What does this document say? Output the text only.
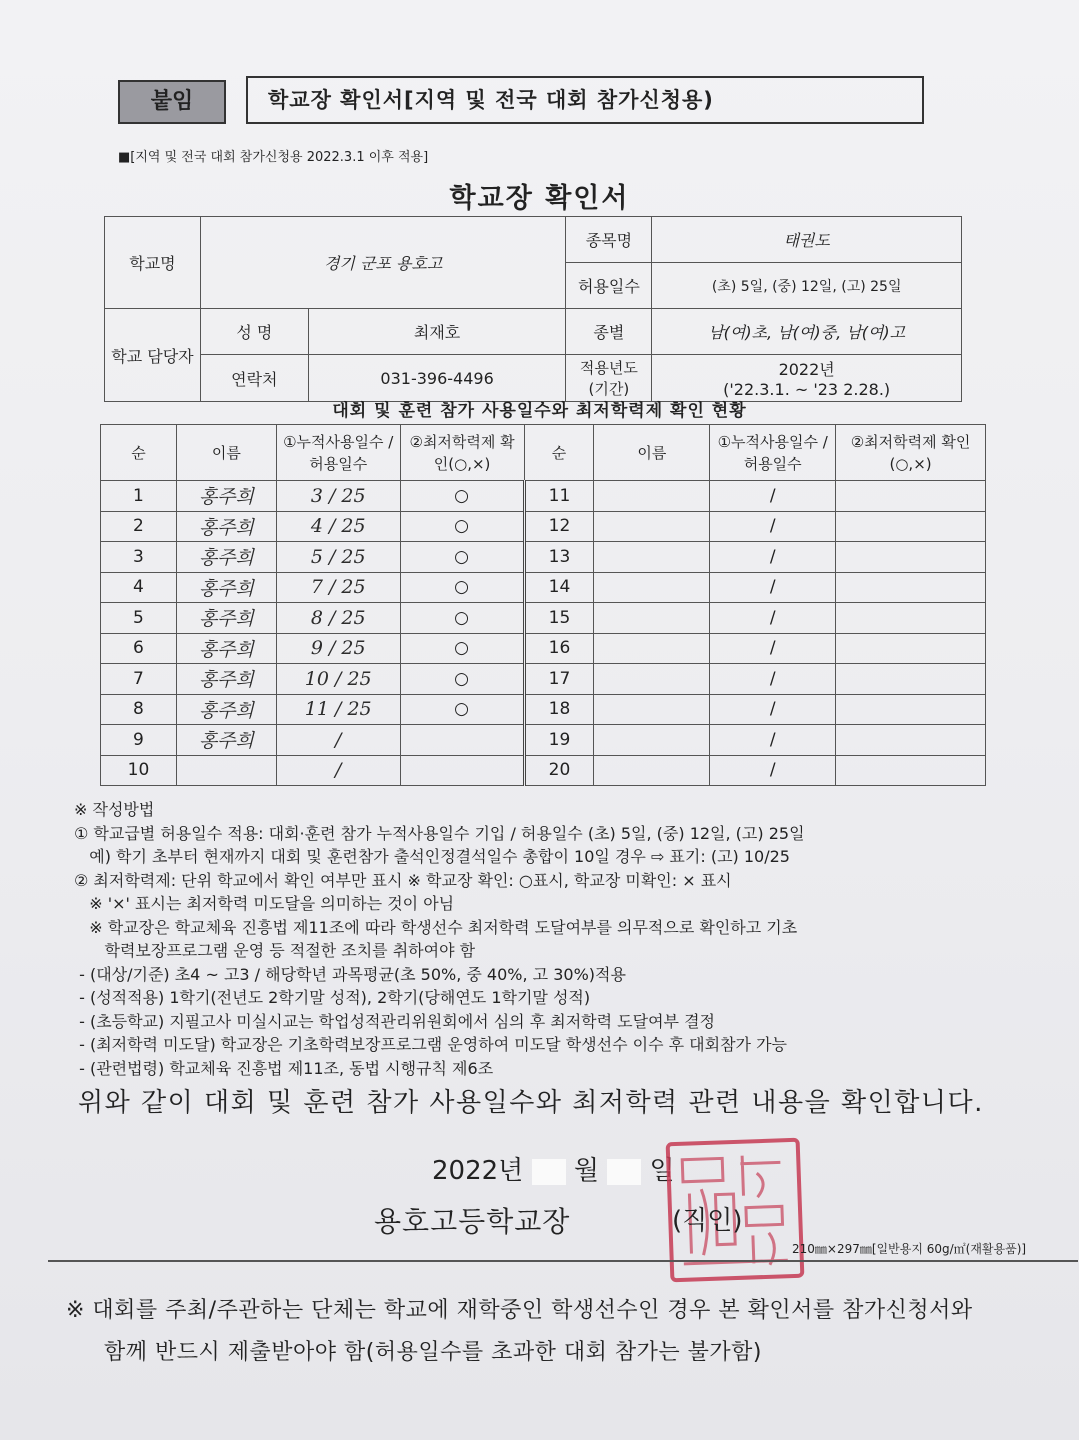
붙임	학교장 확인서[지역 및 전국 대회 참가신청용)
■[지역 및 전국 대회 참가신청용 2022.3.1 이후 적용]
학교장 확인서
학교명	경기 군포 용호고		종목명	태권도
			허용일수	(초) 5일, (중) 12일, (고) 25일
학교 담당자	성 명	최재호	종별	남(여)초, 남(여)중, 남(여)고
	연락처	031-396-4496	적용년도 (기간)	2022년
('22.3.1. ~ '23 2.28.)
대회 및 훈련 참가 사용일수와 최저학력제 확인 현황
순	이름	①누적사용일수 /허용일수	②최저학력제 확인(○,×)	순	이름	①누적사용일수 /허용일수	②최저학력제 확인(○,×)
1	홍주희	3 / 25	○	11		/	
2	홍주희	4 / 25	○	12		/	
3	홍주희	5 / 25	○	13		/	
4	홍주희	7 / 25	○	14		/	
5	홍주희	8 / 25	○	15		/	
6	홍주희	9 / 25	○	16		/	
7	홍주희	10 / 25	○	17		/	
8	홍주희	11 / 25	○	18		/	
9	홍주희	/		19		/	
10		/		20		/	
※ 작성방법
① 학교급별 허용일수 적용: 대회·훈련 참가 누적사용일수 기입 / 허용일수 (초) 5일, (중) 12일, (고) 25일
예) 학기 초부터 현재까지 대회 및 훈련참가 출석인정결석일수 총합이 10일 경우 ⇨ 표기: (고) 10/25
② 최저학력제: 단위 학교에서 확인 여부만 표시 ※ 학교장 확인: ○표시, 학교장 미확인: × 표시
※ '×' 표시는 최저학력 미도달을 의미하는 것이 아님
※ 학교장은 학교체육 진흥법 제11조에 따라 학생선수 최저학력 도달여부를 의무적으로 확인하고 기초
학력보장프로그램 운영 등 적절한 조치를 취하여야 함
- (대상/기준) 초4 ~ 고3 / 해당학년 과목평균(초 50%, 중 40%, 고 30%)적용
- (성적적용) 1학기(전년도 2학기말 성적), 2학기(당해연도 1학기말 성적)
- (초등학교) 지필고사 미실시교는 학업성적관리위원회에서 심의 후 최저학력 도달여부 결정
- (최저학력 미도달) 학교장은 기초학력보장프로그램 운영하여 미도달 학생선수 이수 후 대회참가 가능
- (관련법령) 학교체육 진흥법 제11조, 동법 시행규칙 제6조
위와 같이 대회 및 훈련 참가 사용일수와 최저학력 관련 내용을 확인합니다.
2022년 월 일
용호고등학교장	(직인)
210㎜×297㎜[일반용지 60g/㎡(재활용품)]
※ 대회를 주최/주관하는 단체는 학교에 재학중인 학생선수인 경우 본 확인서를 참가신청서와
함께 반드시 제출받아야 함(허용일수를 초과한 대회 참가는 불가함)
